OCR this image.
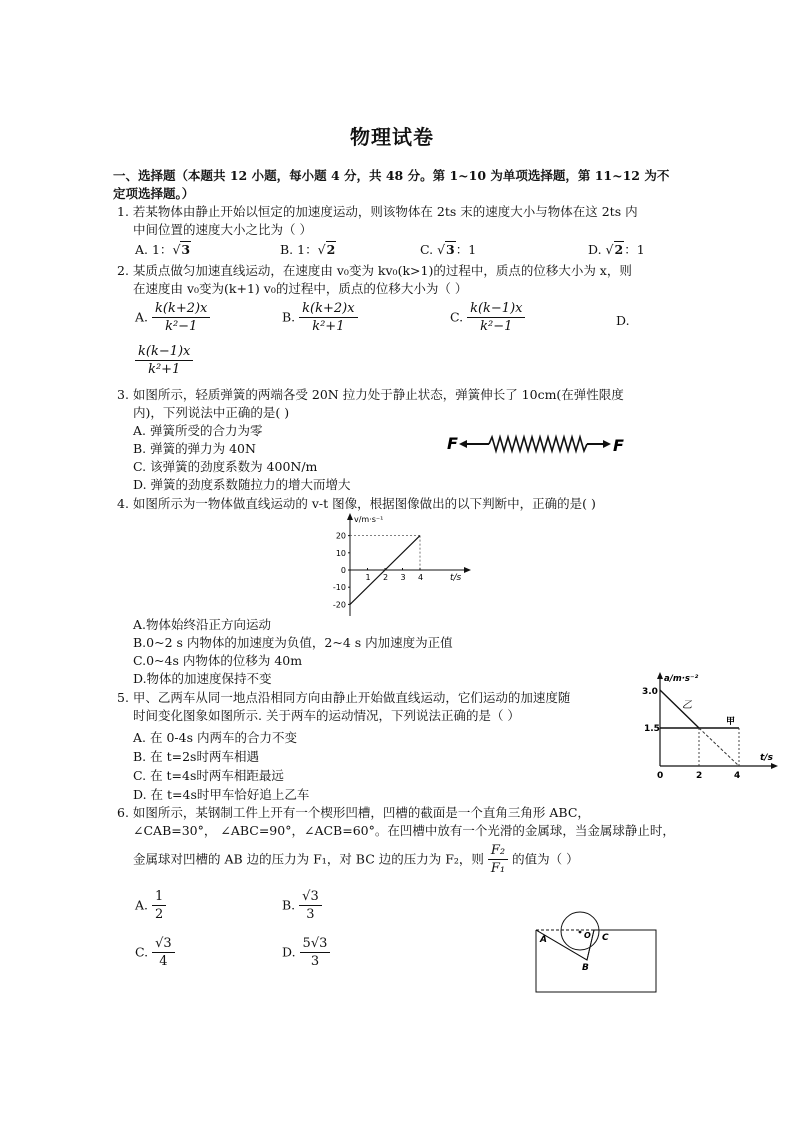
物理试卷
一、选择题（本题共 12 小题，每小题 4 分，共 48 分。第 1~10 为单项选择题，第 11~12 为不
定项选择题。）
1. 若某物体由静止开始以恒定的加速度运动，则该物体在 2ts 末的速度大小与物体在这 2ts 内
中间位置的速度大小之比为（ ）
A. 1：√3	B. 1：√2	C. √3：1	D. √2：1
2. 某质点做匀加速直线运动，在速度由 v₀变为 kv₀(k>1)的过程中，质点的位移大小为 x，则
在速度由 v₀变为(k+1) v₀的过程中，质点的位移大小为（ ）
A. $\frac{k(k+2)x}{\text{k²−1}}$	B. $\frac{k(k+2)x}{\text{k²+1}}$	C. $\frac{k(k-1)x}{\text{k²−1}}$	D.
$\frac{k(k-1)x}{\text{k²+1}}$
3. 如图所示，轻质弹簧的两端各受 20N 拉力处于静止状态，弹簧伸长了 10cm(在弹性限度
内)，下列说法中正确的是( )
A. 弹簧所受的合力为零
B. 弹簧的弹力为 40N
C. 该弹簧的劲度系数为 400N/m
D. 弹簧的劲度系数随拉力的增大而增大
F	F
4. 如图所示为一物体做直线运动的 v-t 图像，根据图像做出的以下判断中，正确的是( )
v/m·s⁻¹
t/s
20
10
0
-10
-20
1 2 3 4
A.物体始终沿正方向运动
B.0~2 s 内物体的加速度为负值，2~4 s 内加速度为正值
C.0~4s 内物体的位移为 40m
D.物体的加速度保持不变
5. 甲、乙两车从同一地点沿相同方向由静止开始做直线运动，它们运动的加速度随
时间变化图象如图所示. 关于两车的运动情况，下列说法正确的是（ ）
A. 在 0-4s 内两车的合力不变
B. 在 t=2s时两车相遇
C. 在 t=4s时两车相距最远
D. 在 t=4s时甲车恰好追上乙车
a/m·s⁻²
t/s
3.0
1.5
0	2	4
乙
甲
6. 如图所示，某钢制工件上开有一个楔形凹槽，凹槽的截面是一个直角三角形 ABC，
∠CAB=30°， ∠ABC=90°，∠ACB=60°。在凹槽中放有一个光滑的金属球，当金属球静止时，
金属球对凹槽的 AB 边的压力为 F₁，对 BC 边的压力为 F₂，则 $\frac{\text{F₂}}{\text{F₁}}$ 的值为（ ）
A. $\frac{1}{2}$	B. $\frac{√3}{3}$
C. $\frac{√3}{4}$	D. $\frac{5√3}{3}$	A
B
C
O
